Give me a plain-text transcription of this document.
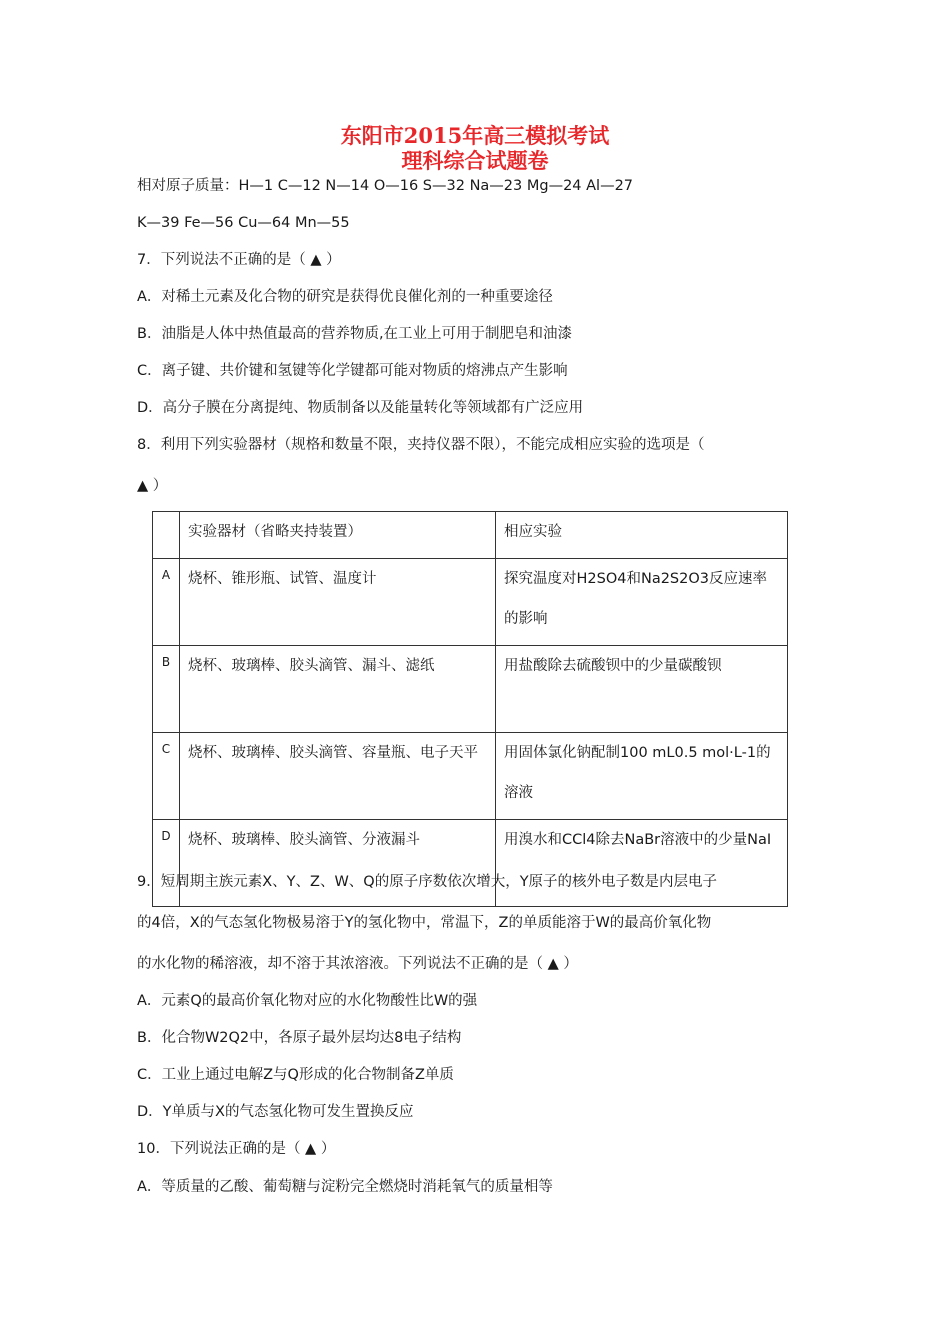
东阳市2015年高三模拟考试
理科综合试题卷
相对原子质量：H—1 C—12 N—14 O—16 S—32 Na—23 Mg—24 Al—27
K—39 Fe—56 Cu—64 Mn—55
7．下列说法不正确的是（ ▲ ）
A．对稀土元素及化合物的研究是获得优良催化剂的一种重要途径
B．油脂是人体中热值最高的营养物质,在工业上可用于制肥皂和油漆
C．离子键、共价键和氢键等化学键都可能对物质的熔沸点产生影响
D．高分子膜在分离提纯、物质制备以及能量转化等领域都有广泛应用
8．利用下列实验器材（规格和数量不限，夹持仪器不限），不能完成相应实验的选项是（
▲ ）
	实验器材（省略夹持装置）	相应实验
A	烧杯、锥形瓶、试管、温度计	探究温度对H2SO4和Na2S2O3反应速率的影响
B	烧杯、玻璃棒、胶头滴管、漏斗、滤纸	用盐酸除去硫酸钡中的少量碳酸钡
C	烧杯、玻璃棒、胶头滴管、容量瓶、电子天平	用固体氯化钠配制100 mL0.5 mol·L-1的溶液
D	烧杯、玻璃棒、胶头滴管、分液漏斗	用溴水和CCl4除去NaBr溶液中的少量NaI
9．短周期主族元素X、Y、Z、W、Q的原子序数依次增大，Y原子的核外电子数是内层电子
的4倍，X的气态氢化物极易溶于Y的氢化物中，常温下，Z的单质能溶于W的最高价氧化物
的水化物的稀溶液，却不溶于其浓溶液。下列说法不正确的是（ ▲ ）
A．元素Q的最高价氧化物对应的水化物酸性比W的强
B．化合物W2Q2中，各原子最外层均达8电子结构
C．工业上通过电解Z与Q形成的化合物制备Z单质
D．Y单质与X的气态氢化物可发生置换反应
10．下列说法正确的是（ ▲ ）
A．等质量的乙酸、葡萄糖与淀粉完全燃烧时消耗氧气的质量相等
